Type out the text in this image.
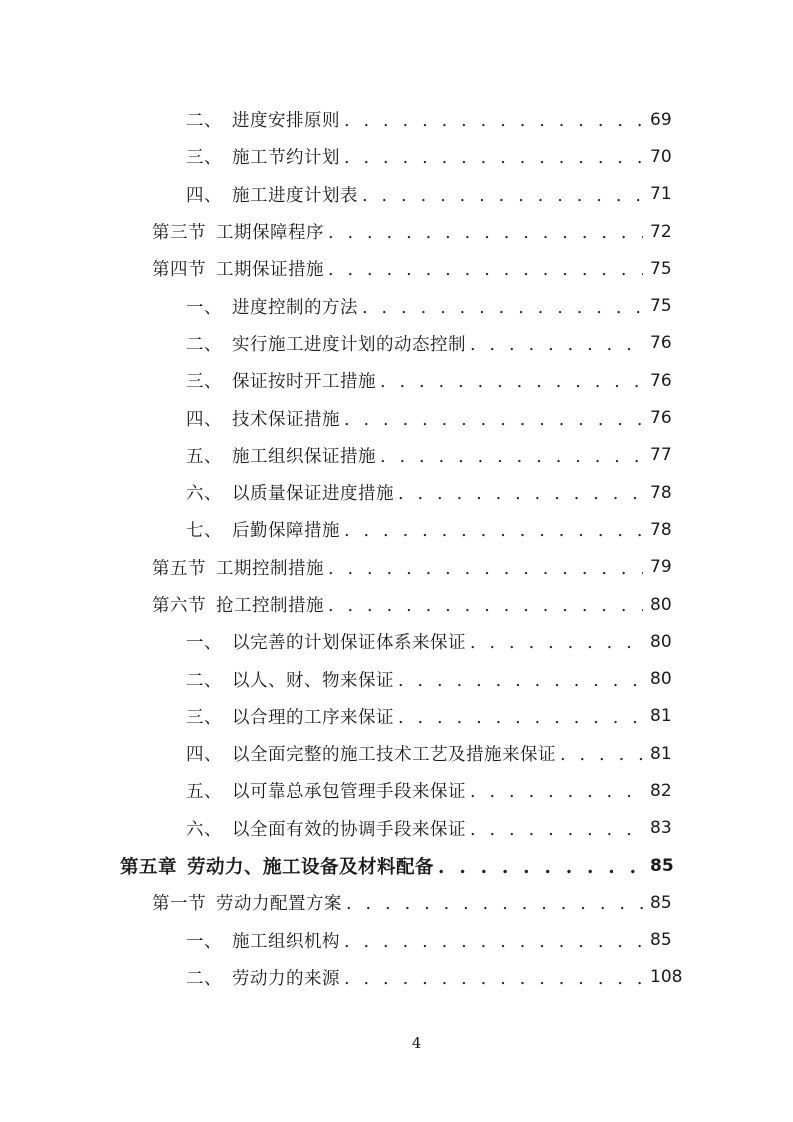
二、 进度安排原则 . . .	69
三、 施工节约计划 . . .	70
四、 施工进度计划表 . . .	71
第三节 工期保障程序 . . .	72
第四节 工期保证措施 . . .	75
一、 进度控制的方法 . . .	75
二、 实行施工进度计划的动态控制 . . .	76
三、 保证按时开工措施 . . .	76
四、 技术保证措施 . . .	76
五、 施工组织保证措施 . . .	77
六、 以质量保证进度措施 . . .	78
七、 后勤保障措施 . . .	78
第五节 工期控制措施 . . .	79
第六节 抢工控制措施 . . .	80
一、 以完善的计划保证体系来保证 . . .	80
二、 以人、财、物来保证 . . .	80
三、 以合理的工序来保证 . . .	81
四、 以全面完整的施工技术工艺及措施来保证 . . .	81
五、 以可靠总承包管理手段来保证 . . .	82
六、 以全面有效的协调手段来保证 . . .	83
第五章 劳动力、施工设备及材料配备 . . .	85
第一节 劳动力配置方案 . . .	85
一、 施工组织机构 . . .	85
二、 劳动力的来源 . . .	108
4
